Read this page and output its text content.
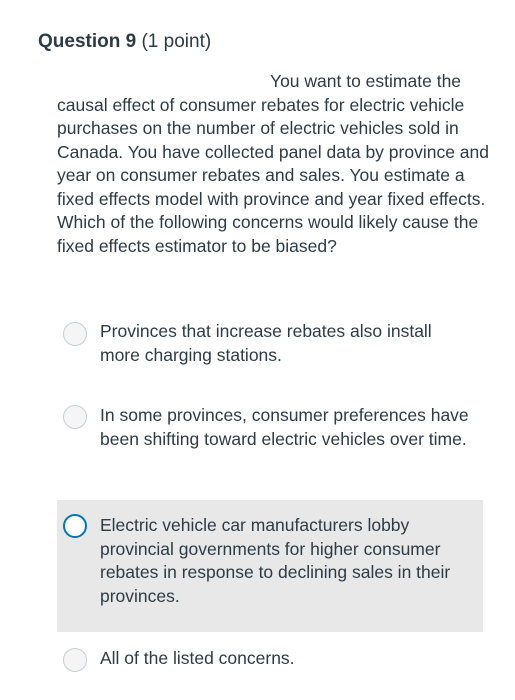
Question 9 (1 point)

You want to estimate the causal effect of consumer rebates for electric vehicle purchases on the number of electric vehicles sold in Canada. You have collected panel data by province and year on consumer rebates and sales. You estimate a fixed effects model with province and year fixed effects. Which of the following concerns would likely cause the fixed effects estimator to be biased?

Provinces that increase rebates also install more charging stations.
In some provinces, consumer preferences have been shifting toward electric vehicles over time.
Electric vehicle car manufacturers lobby provincial governments for higher consumer rebates in response to declining sales in their provinces.
All of the listed concerns.
